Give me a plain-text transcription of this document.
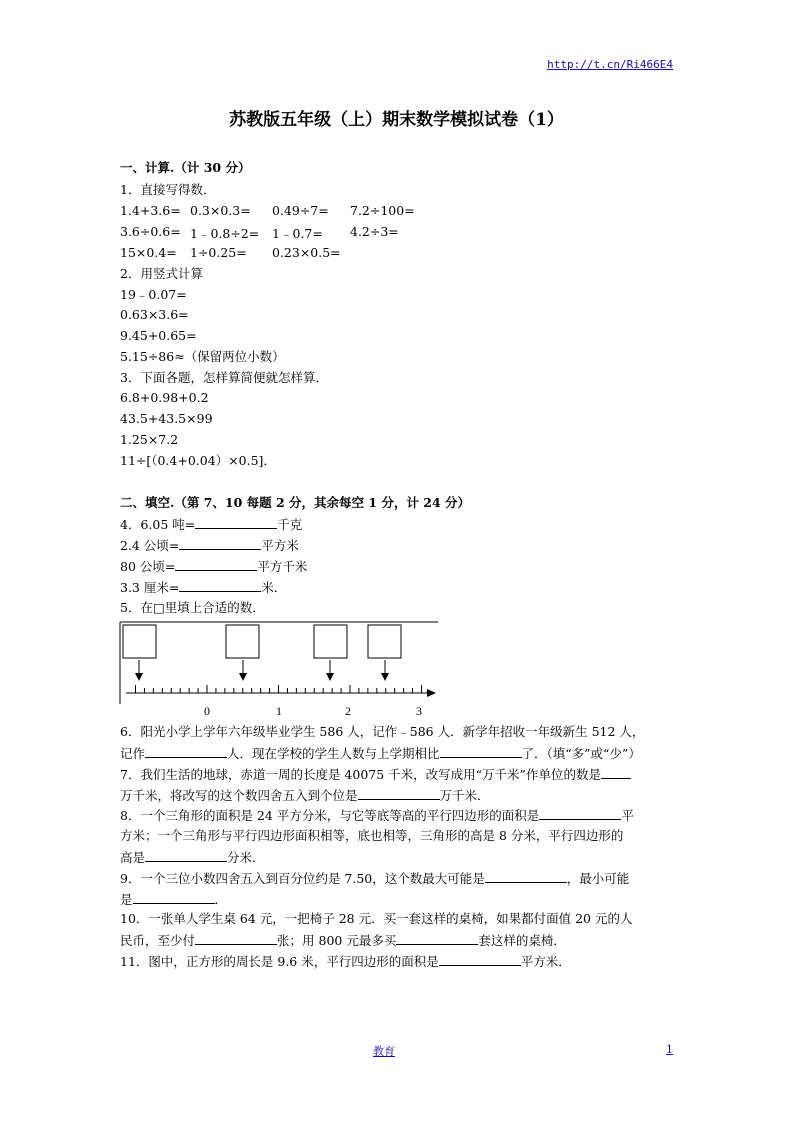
http://t.cn/Ri466E4
苏教版五年级（上）期末数学模拟试卷（1）
一、计算.（计 30 分）
1．直接写得数．
1.4+3.6= 0.3×0.3= 0.49÷7= 7.2÷100=
3.6÷0.6= 1﹣0.8÷2= 1﹣0.7= 4.2÷3=
15×0.4= 1÷0.25= 0.23×0.5=
2．用竖式计算
19﹣0.07=
0.63×3.6=
9.45+0.65=
5.15÷86≈（保留两位小数）
3．下面各题，怎样算简便就怎样算．
6.8+0.98+0.2
43.5+43.5×99
1.25×7.2
11÷[（0.4+0.04）×0.5]．
二、填空.（第 7、10 每题 2 分，其余每空 1 分，计 24 分）
4．6.05 吨=	千克
2.4 公顷=	平方米
80 公顷=	平方千米
3.3 厘米=	米．
5．在□里填上合适的数．
0	1	2	3
6．阳光小学上学年六年级毕业学生 586 人，记作﹣586 人．新学年招收一年级新生 512 人，
记作	人．现在学校的学生人数与上学期相比	了．（填“多”或“少”）
7．我们生活的地球，赤道一周的长度是 40075 千米，改写成用“万千米”作单位的数是
万千米，将改写的这个数四舍五入到个位是	万千米．
8．一个三角形的面积是 24 平方分米，与它等底等高的平行四边形的面积是	平
方米；一个三角形与平行四边形面积相等，底也相等，三角形的高是 8 分米，平行四边形的
高是	分米．
9．一个三位小数四舍五入到百分位约是 7.50，这个数最大可能是	，最小可能
是	．
10．一张单人学生桌 64 元，一把椅子 28 元．买一套这样的桌椅，如果都付面值 20 元的人
民币，至少付	张；用 800 元最多买	套这样的桌椅．
11．图中，正方形的周长是 9.6 米，平行四边形的面积是	平方米．
教育	1
